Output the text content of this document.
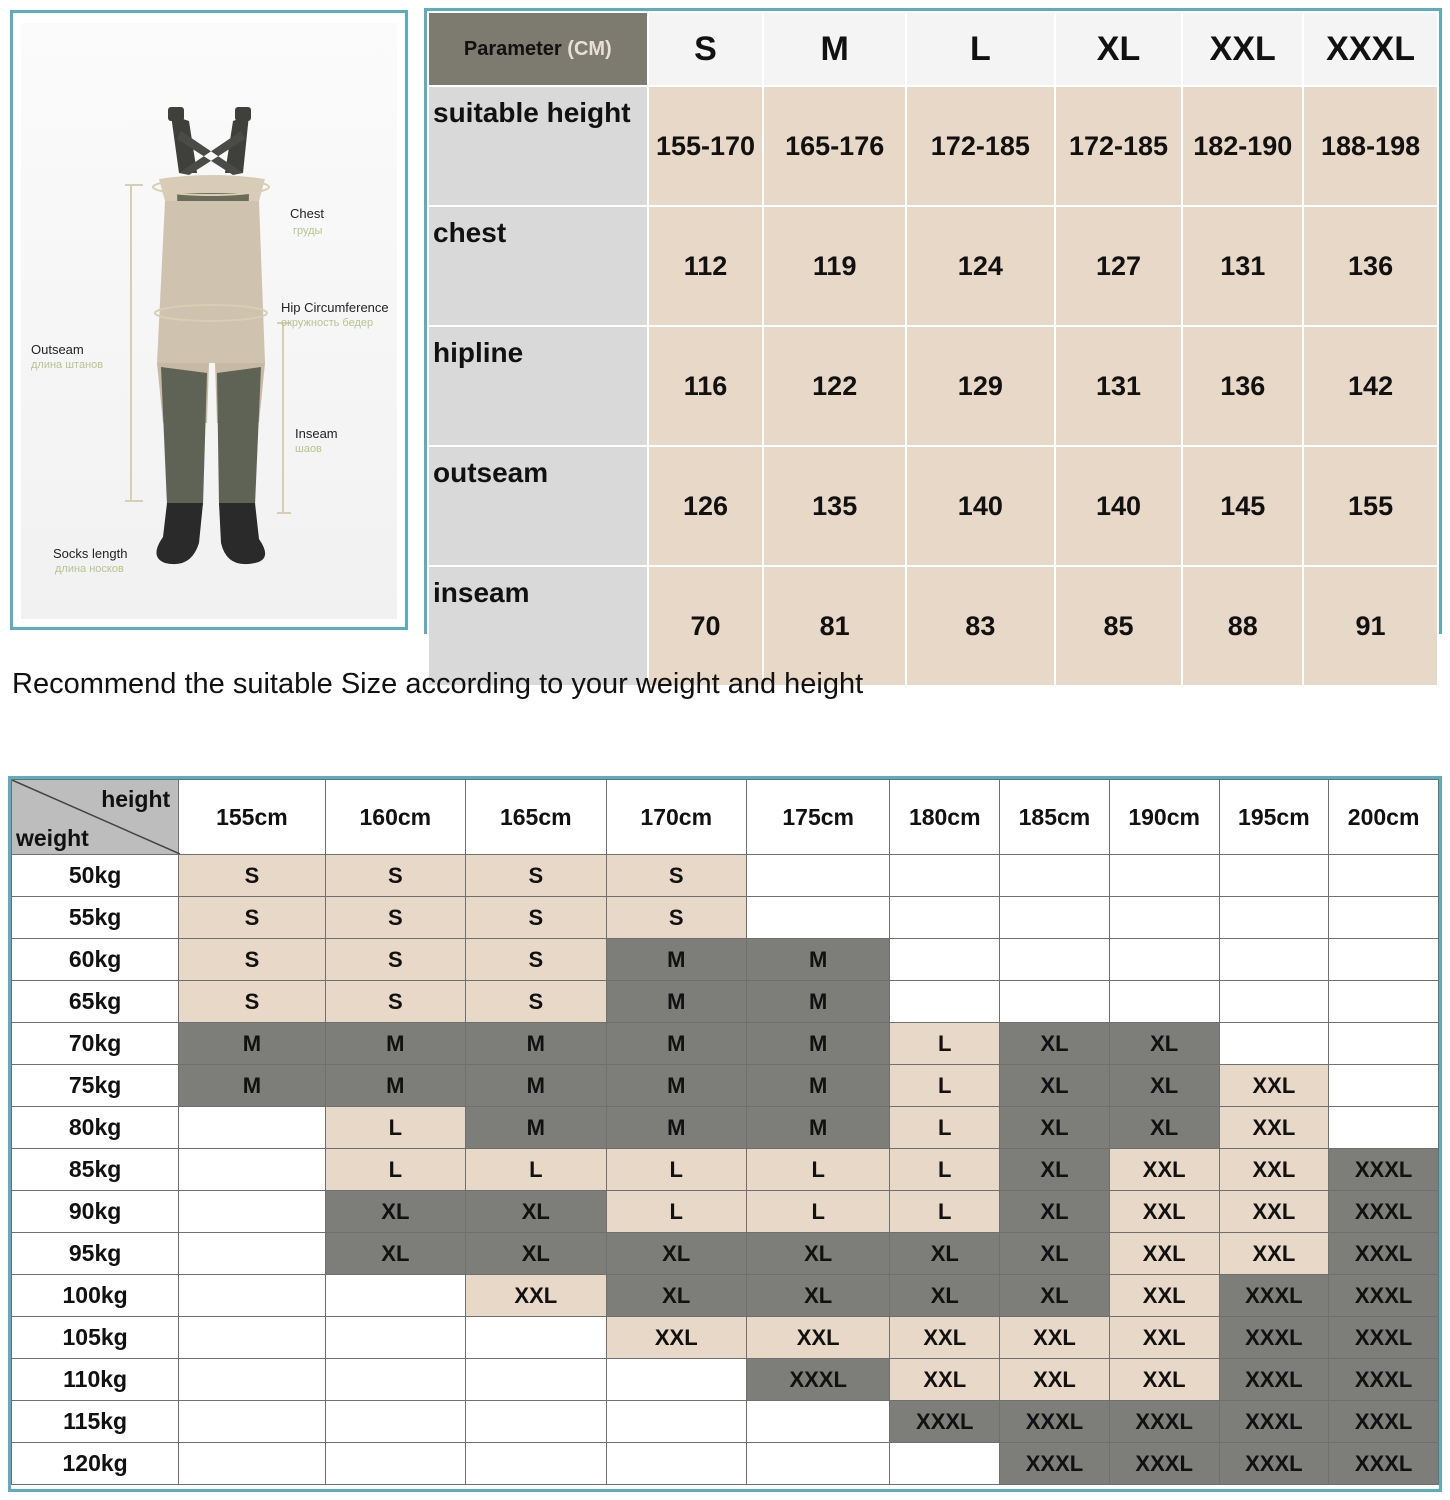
Chest
груды
Hip Circumference
окружность бедер
Outseam
длина штанов
Inseam
шаов
Socks length
длина носков
Parameter (CM)	S	M	L	XL	XXL	XXXL
suitable height	155-170	165-176	172-185	172-185	182-190	188-198
chest	112	119	124	127	131	136
hipline	116	122	129	131	136	142
outseam	126	135	140	140	145	155
inseam	70	81	83	85	88	91
Recommend the suitable Size according to your weight and height
height
weight	155cm	160cm	165cm	170cm	175cm	180cm	185cm	190cm	195cm	200cm
50kg	S	S	S	S						
55kg	S	S	S	S						
60kg	S	S	S	M	M					
65kg	S	S	S	M	M					
70kg	M	M	M	M	M	L	XL	XL		
75kg	M	M	M	M	M	L	XL	XL	XXL	
80kg		L	M	M	M	L	XL	XL	XXL	
85kg		L	L	L	L	L	XL	XXL	XXL	XXXL
90kg		XL	XL	L	L	L	XL	XXL	XXL	XXXL
95kg		XL	XL	XL	XL	XL	XL	XXL	XXL	XXXL
100kg			XXL	XL	XL	XL	XL	XXL	XXXL	XXXL
105kg				XXL	XXL	XXL	XXL	XXL	XXXL	XXXL
110kg					XXXL	XXL	XXL	XXL	XXXL	XXXL
115kg						XXXL	XXXL	XXXL	XXXL	XXXL
120kg							XXXL	XXXL	XXXL	XXXL
